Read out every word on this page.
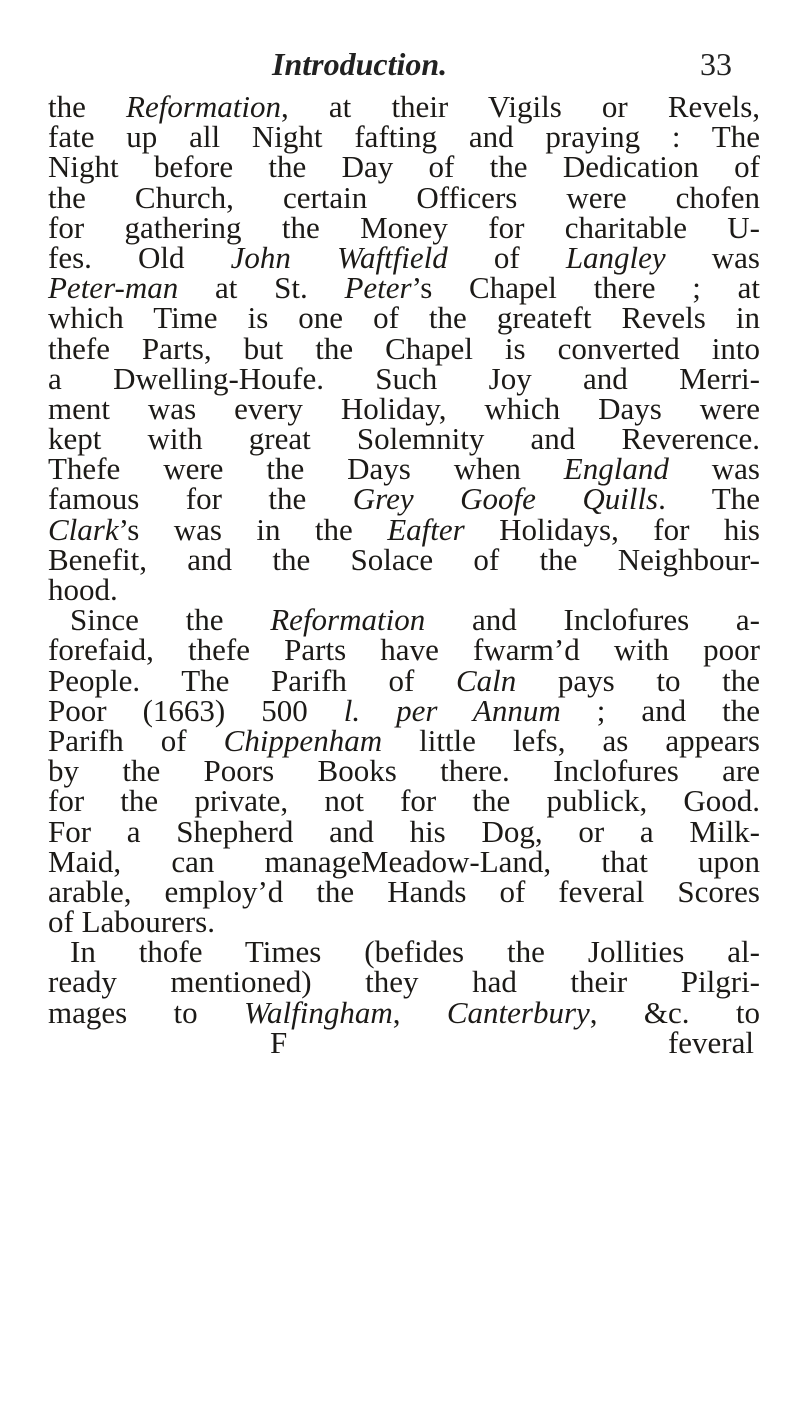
Introduction.	33
the Reformation, at their Vigils or Revels,
fate up all Night fafting and praying : The
Night before the Day of the Dedication of
the Church, certain Officers were chofen
for gathering the Money for charitable U-
fes. Old John Waftfield of Langley was
Peter-man at St. Peter’s Chapel there ; at
which Time is one of the greateft Revels in
thefe Parts, but the Chapel is converted into
a Dwelling-Houfe. Such Joy and Merri-
ment was every Holiday, which Days were
kept with great Solemnity and Reverence.
Thefe were the Days when England was
famous for the Grey Goofe Quills. The
Clark’s was in the Eafter Holidays, for his
Benefit, and the Solace of the Neighbour-
hood.
Since the Reformation and Inclofures a-
forefaid, thefe Parts have fwarm’d with poor
People. The Parifh of Caln pays to the
Poor (1663) 500 l. per Annum ; and the
Parifh of Chippenham little lefs, as appears
by the Poors Books there. Inclofures are
for the private, not for the publick, Good.
For a Shepherd and his Dog, or a Milk-
Maid, can manageMeadow-Land, that upon
arable, employ’d the Hands of feveral Scores
of Labourers.
In thofe Times (befides the Jollities al-
ready mentioned) they had their Pilgri-
mages to Walfingham, Canterbury, &c. to
F	feveral
